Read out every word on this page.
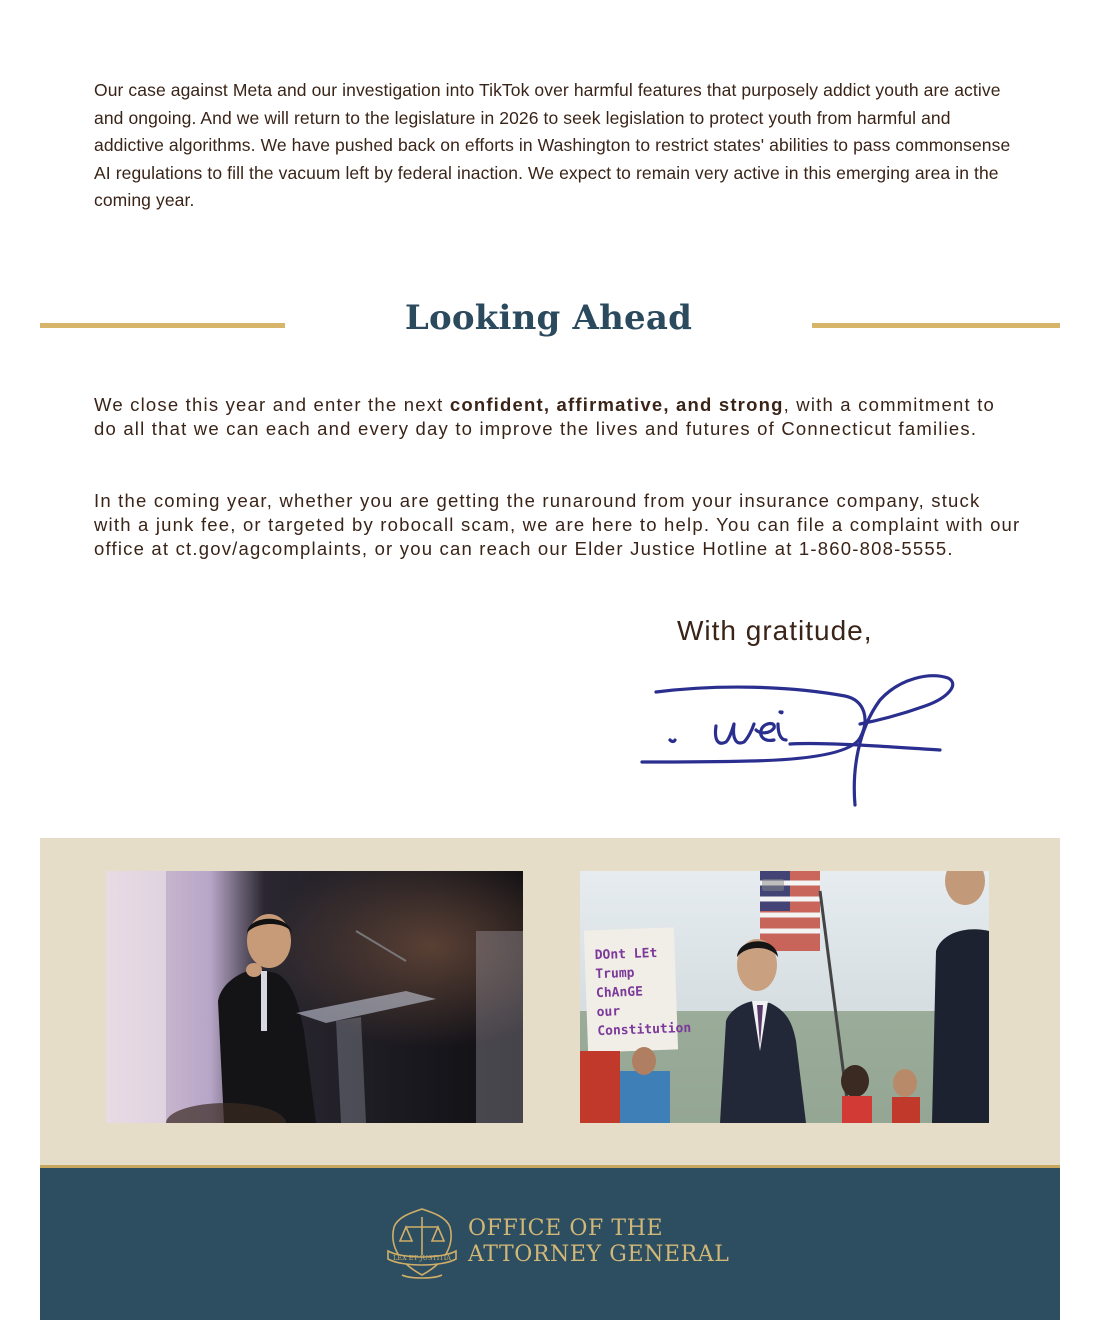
Our case against Meta and our investigation into TikTok over harmful features that purposely addict youth are active and ongoing. And we will return to the legislature in 2026 to seek legislation to protect youth from harmful and addictive algorithms. We have pushed back on efforts in Washington to restrict states' abilities to pass commonsense AI regulations to fill the vacuum left by federal inaction. We expect to remain very active in this emerging area in the coming year.

Looking Ahead

We close this year and enter the next confident, affirmative, and strong, with a commitment to do all that we can each and every day to improve the lives and futures of Connecticut families.

In the coming year, whether you are getting the runaround from your insurance company, stuck with a junk fee, or targeted by robocall scam, we are here to help. You can file a complaint with our office at ct.gov/agcomplaints, or you can reach our Elder Justice Hotline at 1-860-808-5555.

With gratitude,

DOnt LEt
Trump
ChAnGE
our
Constitution
LEX ET JUSTITIA

OFFICE OF THE
ATTORNEY GENERAL
